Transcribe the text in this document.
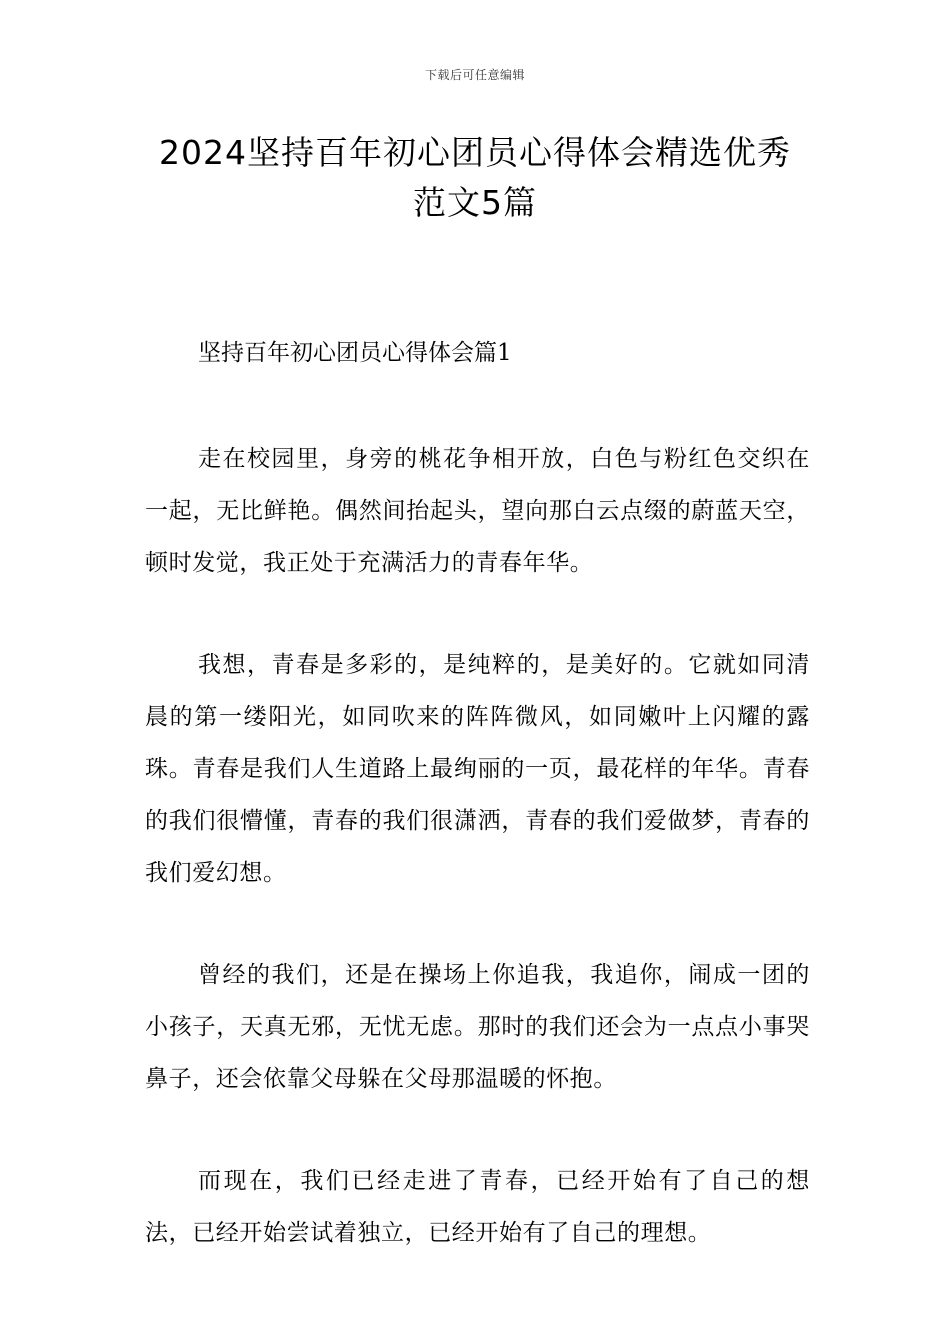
下载后可任意编辑
2024坚持百年初心团员心得体会精选优秀
范文5篇

坚持百年初心团员心得体会篇1

走在校园里，身旁的桃花争相开放，白色与粉红色交织在一起，无比鲜艳。偶然间抬起头，望向那白云点缀的蔚蓝天空，顿时发觉，我正处于充满活力的青春年华。

我想，青春是多彩的，是纯粹的，是美好的。它就如同清晨的第一缕阳光，如同吹来的阵阵微风，如同嫩叶上闪耀的露珠。青春是我们人生道路上最绚丽的一页，最花样的年华。青春的我们很懵懂，青春的我们很潇洒，青春的我们爱做梦，青春的我们爱幻想。

曾经的我们，还是在操场上你追我，我追你，闹成一团的小孩子，天真无邪，无忧无虑。那时的我们还会为一点点小事哭鼻子，还会依靠父母躲在父母那温暖的怀抱。

而现在，我们已经走进了青春，已经开始有了自己的想法，已经开始尝试着独立，已经开始有了自己的理想。
